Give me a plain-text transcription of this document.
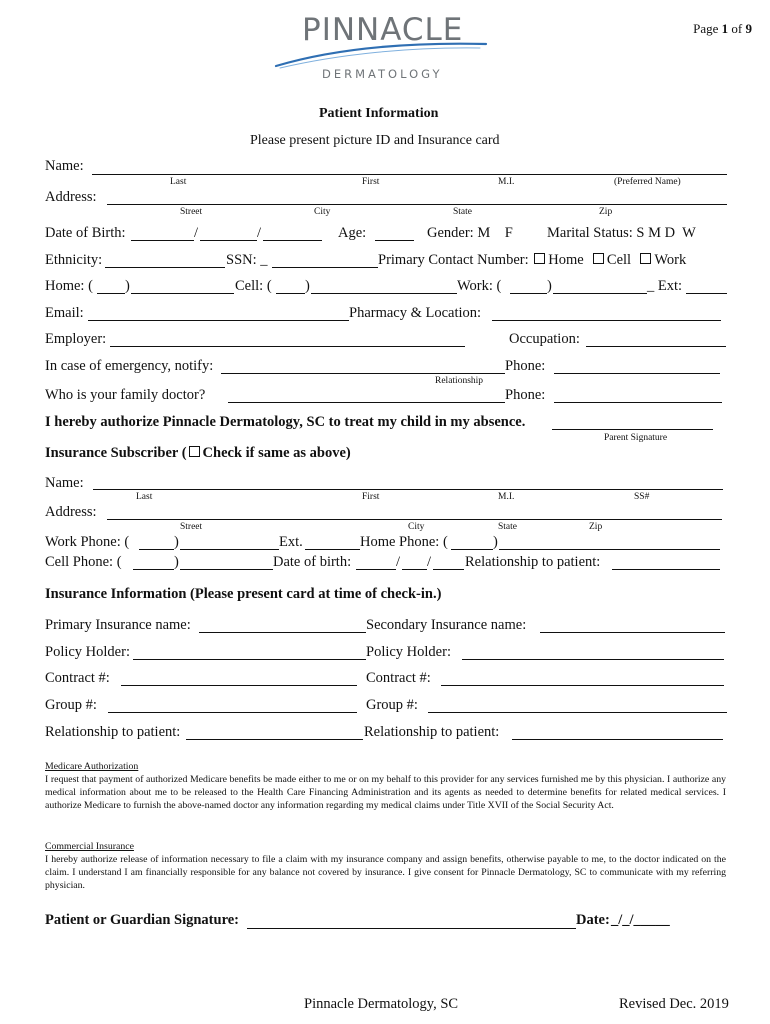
PINNACLE
DERMATOLOGY
Page 1 of 9
Patient Information
Please present picture ID and Insurance card
Name:
Last	First	M.I.	(Preferred Name)
Address:
Street	City	State	Zip
Date of Birth:	/	/	Age:	Gender: M    F Marital Status: S M D  W
Ethnicity:	SSN: _	Primary Contact Number: Home Cell Work
Home: ( )	Cell: ( )	Work: (	)	_ Ext:
Email:	Pharmacy & Location:
Employer:	Occupation:
In case of emergency, notify:	Phone:
Relationship
Who is your family doctor?	Phone:
I hereby authorize Pinnacle Dermatology, SC to treat my child in my absence.
Parent Signature
Insurance Subscriber ( Check if same as above)
Name:
Last	First	M.I.	SS#
Address:
Street	City	State	Zip
Work Phone: (	)	Ext.	Home Phone: (	)
Cell Phone: (	)	Date of birth:	/ / Relationship to patient:
Insurance Information (Please present card at time of check-in.)
Primary Insurance name:	Secondary Insurance name:
Policy Holder:	Policy Holder:
Contract #:	Contract #:
Group #:	Group #:
Relationship to patient:	Relationship to patient:
Medicare Authorization
I request that payment of authorized Medicare benefits be made either to me or on my behalf to this provider for any services furnished me by this physician. I authorize any medical information about me to be released to the Health Care Financing Administration and its agents as needed to determine benefits for related medical services. I authorize Medicare to furnish the above-named doctor any information regarding my medical claims under Title XVII of the Social Security Act.
Commercial Insurance
I hereby authorize release of information necessary to file a claim with my insurance company and assign benefits, otherwise payable to me, to the doctor indicated on the claim. I understand I am financially responsible for any balance not covered by insurance. I give consent for Pinnacle Dermatology, SC to communicate with my referring physician.
Patient or Guardian Signature:	Date: _/_/_____
Pinnacle Dermatology, SC	Revised Dec. 2019
